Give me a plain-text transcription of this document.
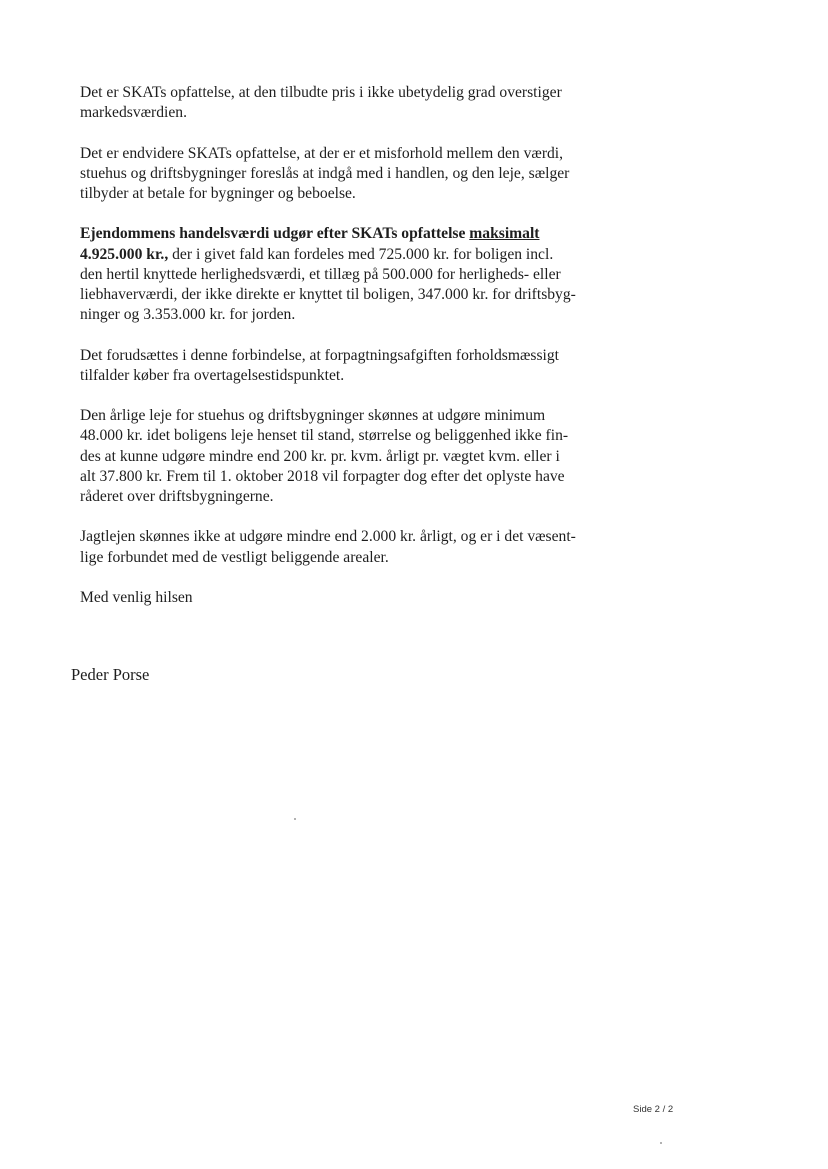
Det er SKATs opfattelse, at den tilbudte pris i ikke ubetydelig grad overstiger
markedsværdien.
Det er endvidere SKATs opfattelse, at der er et misforhold mellem den værdi,
stuehus og driftsbygninger foreslås at indgå med i handlen, og den leje, sælger
tilbyder at betale for bygninger og beboelse.
Ejendommens handelsværdi udgør efter SKATs opfattelse maksimalt
4.925.000 kr., der i givet fald kan fordeles med 725.000 kr. for boligen incl.
den hertil knyttede herlighedsværdi, et tillæg på 500.000 for herligheds- eller
liebhaverværdi, der ikke direkte er knyttet til boligen, 347.000 kr. for driftsbyg-
ninger og 3.353.000 kr. for jorden.
Det forudsættes i denne forbindelse, at forpagtningsafgiften forholdsmæssigt
tilfalder køber fra overtagelsestidspunktet.
Den årlige leje for stuehus og driftsbygninger skønnes at udgøre minimum
48.000 kr. idet boligens leje henset til stand, størrelse og beliggenhed ikke fin-
des at kunne udgøre mindre end 200 kr. pr. kvm. årligt pr. vægtet kvm. eller i
alt 37.800 kr. Frem til 1. oktober 2018 vil forpagter dog efter det oplyste have
råderet over driftsbygningerne.
Jagtlejen skønnes ikke at udgøre mindre end 2.000 kr. årligt, og er i det væsent-
lige forbundet med de vestligt beliggende arealer.
Med venlig hilsen
Peder Porse
Side 2 / 2
